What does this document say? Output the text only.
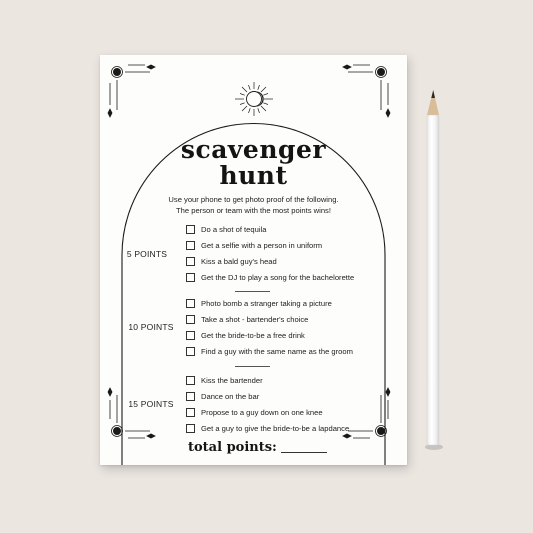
scavenger
hunt
Use your phone to get photo proof of the following.
The person or team with the most points wins!
5 POINTS
Do a shot of tequila
Get a selfie with a person in uniform
Kiss a bald guy's head
Get the DJ to play a song for the bachelorette
10 POINTS
Photo bomb a stranger taking a picture
Take a shot - bartender's choice
Get the bride-to-be a free drink
Find a guy with the same name as the groom
15 POINTS
Kiss the bartender
Dance on the bar
Propose to a guy down on one knee
Get a guy to give the bride-to-be a lapdance
total points:
